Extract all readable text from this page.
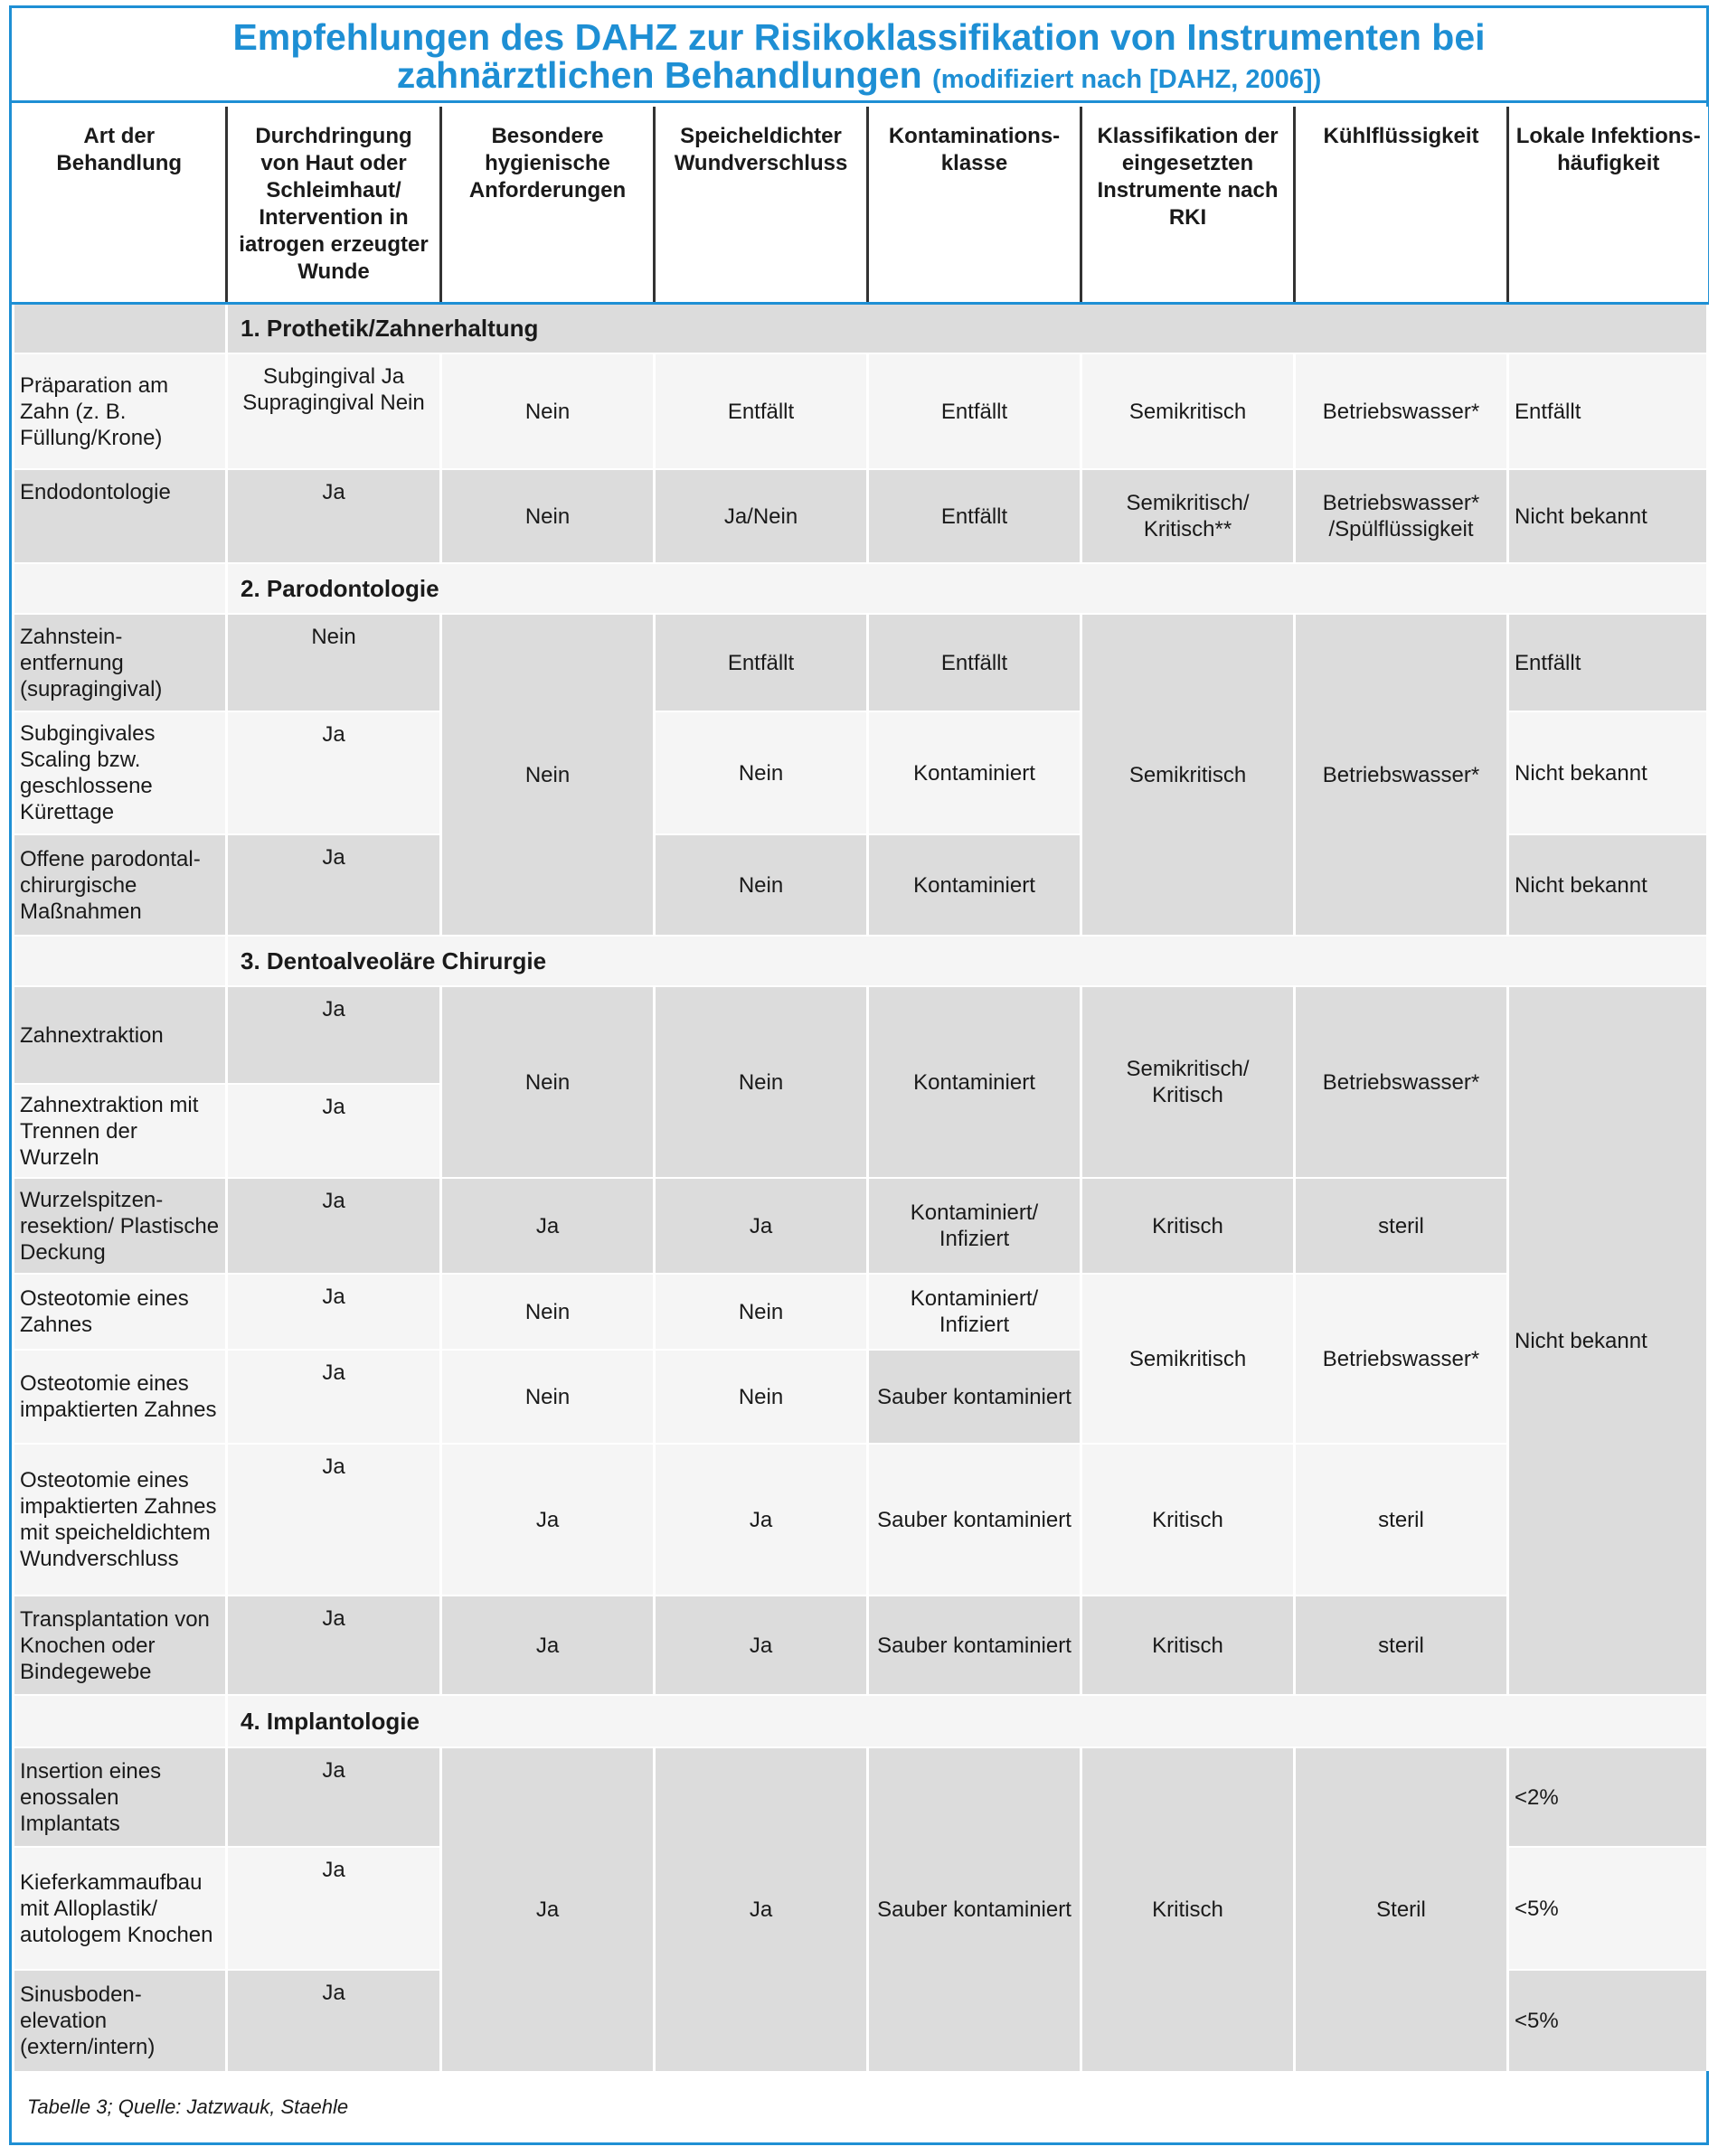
Empfehlungen des DAHZ zur Risikoklassifikation von Instrumenten bei
zahnärztlichen Behandlungen (modifiziert nach [DAHZ, 2006])
Art der Behandlung	Durchdringung von Haut oder Schleimhaut/ Intervention in iatrogen erzeugter Wunde	Besondere hygienische Anforderungen	Speicheldichter Wundverschluss	Kontaminations-klasse	Klassifikation der eingesetzten Instrumente nach RKI	Kühlflüssigkeit	Lokale Infektions-häufigkeit
	1. Prothetik/Zahnerhaltung						
Präparation am Zahn (z. B. Füllung/Krone)	Subgingival Ja Supragingival Nein	Nein	Entfällt	Entfällt	Semikritisch	Betriebswasser*	Entfällt
Endodontologie	Ja	Nein	Ja/Nein	Entfällt	Semikritisch/ Kritisch**	Betriebswasser* /Spülflüssigkeit	Nicht bekannt
	2. Parodontologie						
Zahnstein-entfernung (supragingival)	Nein	Nein	Entfällt	Entfällt	Semikritisch	Betriebswasser*	Entfällt
Subgingivales Scaling bzw. geschlossene Kürettage	Ja		Nein	Kontaminiert			Nicht bekannt
Offene parodontal-chirurgische Maßnahmen	Ja		Nein	Kontaminiert			Nicht bekannt
	3. Dentoalveoläre Chirurgie						
Zahnextraktion	Ja	Nein	Nein	Kontaminiert	Semikritisch/ Kritisch	Betriebswasser*	Nicht bekannt
Zahnextraktion mit Trennen der Wurzeln	Ja						
Wurzelspitzen-resektion/ Plastische Deckung	Ja	Ja	Ja	Kontaminiert/ Infiziert	Kritisch	steril	
Osteotomie eines Zahnes	Ja	Nein	Nein	Kontaminiert/ Infiziert	Semikritisch	Betriebswasser*	
Osteotomie eines impaktierten Zahnes	Ja	Nein	Nein	Sauber kontaminiert			
Osteotomie eines impaktierten Zahnes mit speicheldichtem Wundverschluss	Ja	Ja	Ja	Sauber kontaminiert	Kritisch	steril	
Transplantation von Knochen oder Bindegewebe	Ja	Ja	Ja	Sauber kontaminiert	Kritisch	steril	
	4. Implantologie						
Insertion eines enossalen Implantats	Ja	Ja	Ja	Sauber kontaminiert	Kritisch	Steril	<2%
Kieferkammaufbau mit Alloplastik/ autologem Knochen	Ja						<5%
Sinusboden-elevation (extern/intern)	Ja						<5%
Tabelle 3; Quelle: Jatzwauk, Staehle
